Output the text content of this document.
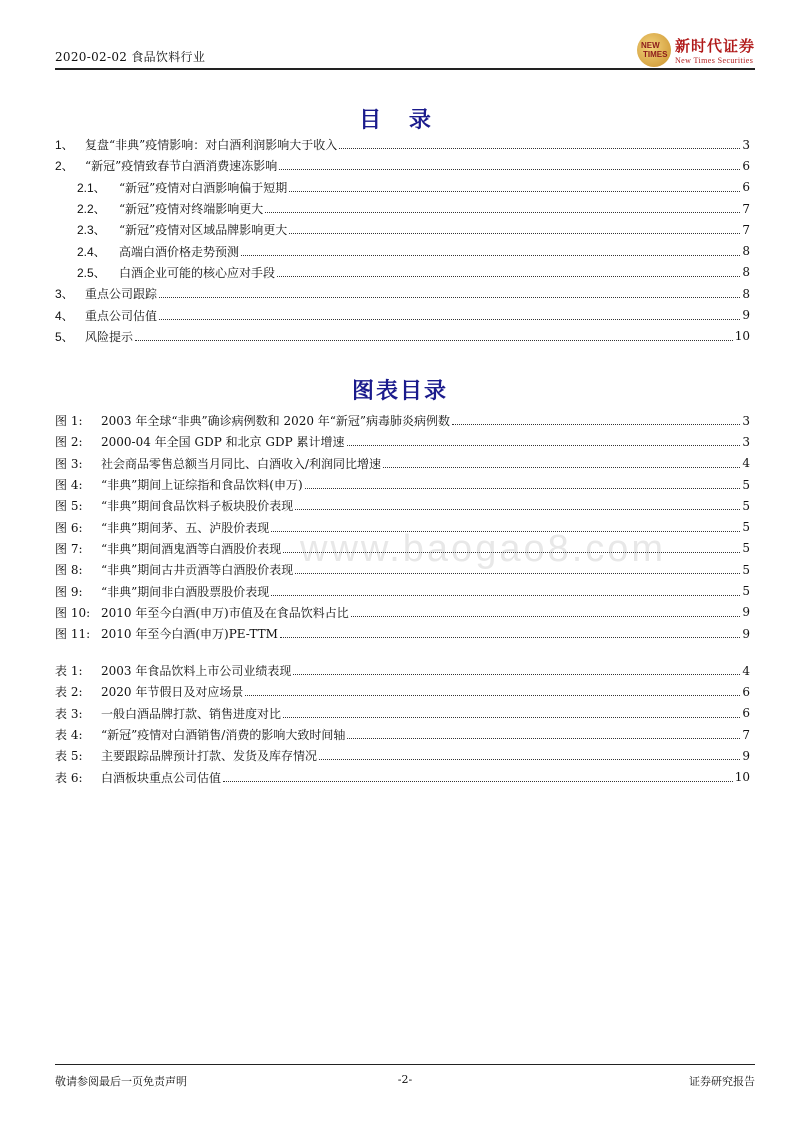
2020-02-02 食品饮料行业
NEW
TIMES 新时代证券
New Times Securities
目 录
1、 复盘“非典”疫情影响：对白酒利润影响大于收入	3
2、 “新冠”疫情致春节白酒消费速冻影响	6
2.1、	“新冠”疫情对白酒影响偏于短期	6
2.2、	“新冠”疫情对终端影响更大	7
2.3、	“新冠”疫情对区域品牌影响更大	7
2.4、	高端白酒价格走势预测	8
2.5、	白酒企业可能的核心应对手段	8
3、 重点公司跟踪	8
4、 重点公司估值	9
5、 风险提示	10
图表目录
图 1:	2003 年全球“非典”确诊病例数和 2020 年“新冠”病毒肺炎病例数	3
图 2:	2000-04 年全国 GDP 和北京 GDP 累计增速	3
图 3:	社会商品零售总额当月同比、白酒收入/利润同比增速	4
图 4:	“非典”期间上证综指和食品饮料(申万)	5
图 5:	“非典”期间食品饮料子板块股价表现	5
图 6:	“非典”期间茅、五、泸股价表现	5
图 7:	“非典”期间酒鬼酒等白酒股价表现	5
图 8:	“非典”期间古井贡酒等白酒股价表现	5
图 9:	“非典”期间非白酒股票股价表现	5
图 10: 2010 年至今白酒(申万)市值及在食品饮料占比	9
图 11: 2010 年至今白酒(申万)PE-TTM	9
表 1:	2003 年食品饮料上市公司业绩表现	4
表 2:	2020 年节假日及对应场景	6
表 3:	一般白酒品牌打款、销售进度对比	6
表 4:	“新冠”疫情对白酒销售/消费的影响大致时间轴	7
表 5:	主要跟踪品牌预计打款、发货及库存情况	9
表 6:	白酒板块重点公司估值	10
www.baogao8.com
敬请参阅最后一页免责声明	-2-	证券研究报告
